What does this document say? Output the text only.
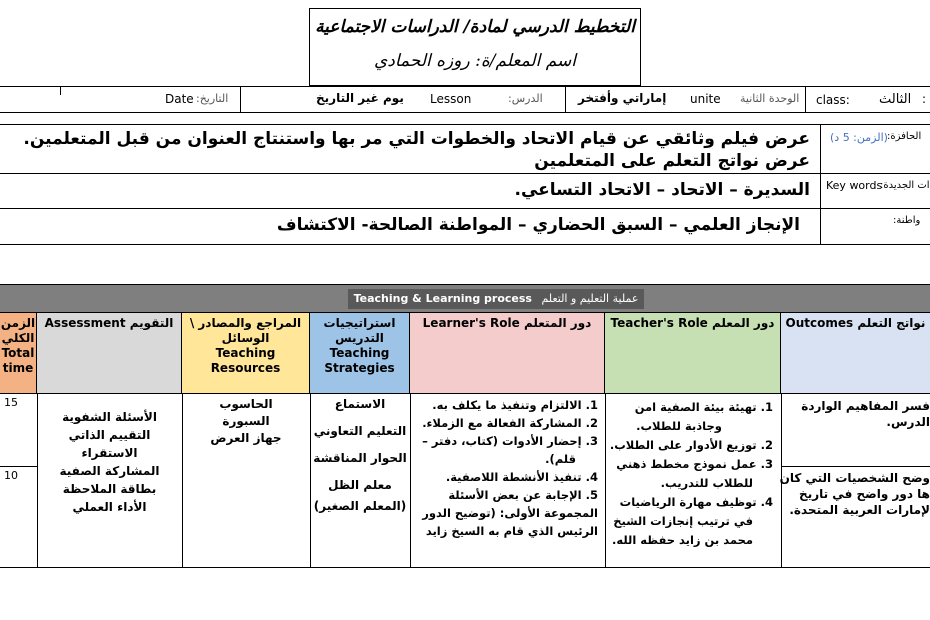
التخطيط الدرسي لمادة/ الدراسات الاجتماعية
اسم المعلم/ة: روزه الحمادي
class: الثالث :
الوحدة الثانية
unite
إماراتي وأفتخر
الدرس:
Lesson
يوم غير التاريخ
التاريخ:
Date
الحافزة:
(الزمن: 5 د)
عرض فيلم وثائقي عن قيام الاتحاد والخطوات التي مر بها واستنتاج العنوان من قبل المتعلمين.
عرض نواتج التعلم على المتعلمين
ات الجديدة:
Key words
السديرة – الاتحاد – الاتحاد التساعي.
واطنة:
الإنجاز العلمي – السبق الحضاري – المواطنة الصالحة- الاكتشاف
Teaching & Learning process عملية التعليم و التعلم
الزمن
الكلي
Total
time
Assessment التقويم	المراجع والمصادر \ الوسائل
Teaching
Resources
استراتيجيات التدريس
Teaching Strategies
Learner's Role دور المتعلم	Teacher's Role دور المعلم Outcomes نواتج التعلم
15
10
فسر المفاهيم الواردة
الدرس.
وضح الشخصيات التي كان
ها دور واضح في تاريخ
لإمارات العربية المتحدة.
1. تهيئة بيئة الصفية امن
وجاذبة للطلاب.
2. توزيع الأدوار على الطلاب.
3. عمل نموذج مخطط ذهني
للطلاب للتدريب.
4. توظيف مهارة الرياضيات
في ترتيب إنجازات الشيخ
محمد بن زايد حفظه الله.
1. الالتزام وتنفيذ ما يكلف به.
2. المشاركة الفعالة مع الزملاء.
3. إحضار الأدوات (كتاب، دفتر –
قلم).
4. تنفيذ الأنشطة اللاصفية.
5. الإجابة عن بعض الأسئلة
المجموعة الأولى: (توضيح الدور
الرئيس الذي قام به السيخ زايد
الاستماع
التعليم التعاوني
الحوار المناقشة
معلم الظل
(المعلم الصغير)
الحاسوب
السبورة
جهاز العرض
الأسئلة الشفوية
التقييم الذاتي
الاستقراء
المشاركة الصفية
بطاقة الملاحظة
الأداء العملي
